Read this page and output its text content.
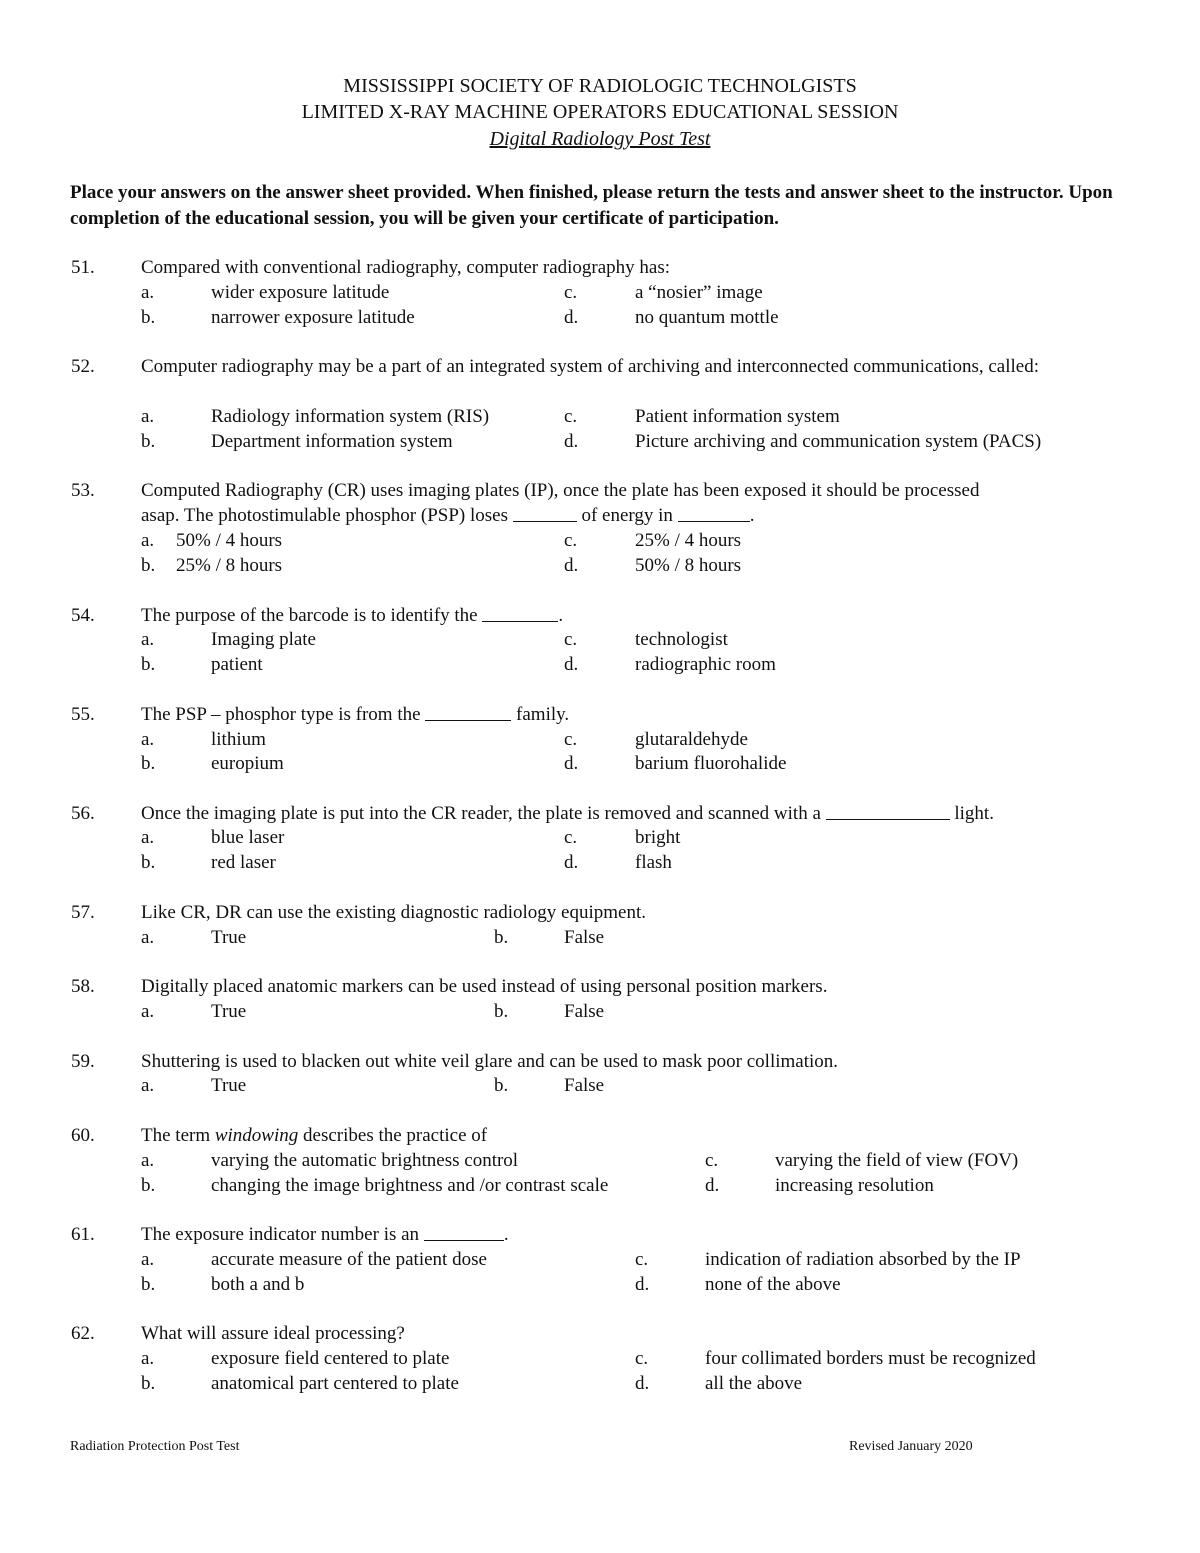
MISSISSIPPI SOCIETY OF RADIOLOGIC TECHNOLGISTS
LIMITED X-RAY MACHINE OPERATORS EDUCATIONAL SESSION
Digital Radiology Post Test
Place your answers on the answer sheet provided. When finished, please return the tests and answer sheet to the instructor. Upon completion of the educational session, you will be given your certificate of participation.
51. Compared with conventional radiography, computer radiography has:
a.	wider exposure latitude	c.	a “nosier” image
b.	narrower exposure latitude	d.	no quantum mottle
52. Computer radiography may be a part of an integrated system of archiving and interconnected communications, called:
a.	Radiology information system (RIS)	c.	Patient information system
b.	Department information system	d.	Picture archiving and communication system (PACS)
53. Computed Radiography (CR) uses imaging plates (IP), once the plate has been exposed it should be processed
asap. The photostimulable phosphor (PSP) loses	of energy in	.
a. 50% / 4 hours	c.	25% / 4 hours
b. 25% / 8 hours	d.	50% / 8 hours
54. The purpose of the barcode is to identify the	.
a.	Imaging plate	c.	technologist
b.	patient	d.	radiographic room
55. The PSP – phosphor type is from the	family.
a.	lithium	c.	glutaraldehyde
b.	europium	d.	barium fluorohalide
56. Once the imaging plate is put into the CR reader, the plate is removed and scanned with a	light.
a.	blue laser	c.	bright
b.	red laser	d.	flash
57. Like CR, DR can use the existing diagnostic radiology equipment.
a.	True	b.	False
58. Digitally placed anatomic markers can be used instead of using personal position markers.
a.	True	b.	False
59. Shuttering is used to blacken out white veil glare and can be used to mask poor collimation.
a.	True	b.	False
60. The term windowing describes the practice of
a.	varying the automatic brightness control	c.	varying the field of view (FOV)
b.	changing the image brightness and /or contrast scale	d.	increasing resolution
61. The exposure indicator number is an	.
a.	accurate measure of the patient dose	c.	indication of radiation absorbed by the IP
b.	both a and b	d.	none of the above
62. What will assure ideal processing?
a.	exposure field centered to plate	c.	four collimated borders must be recognized
b.	anatomical part centered to plate	d.	all the above
Radiation Protection Post Test	Revised January 2020
